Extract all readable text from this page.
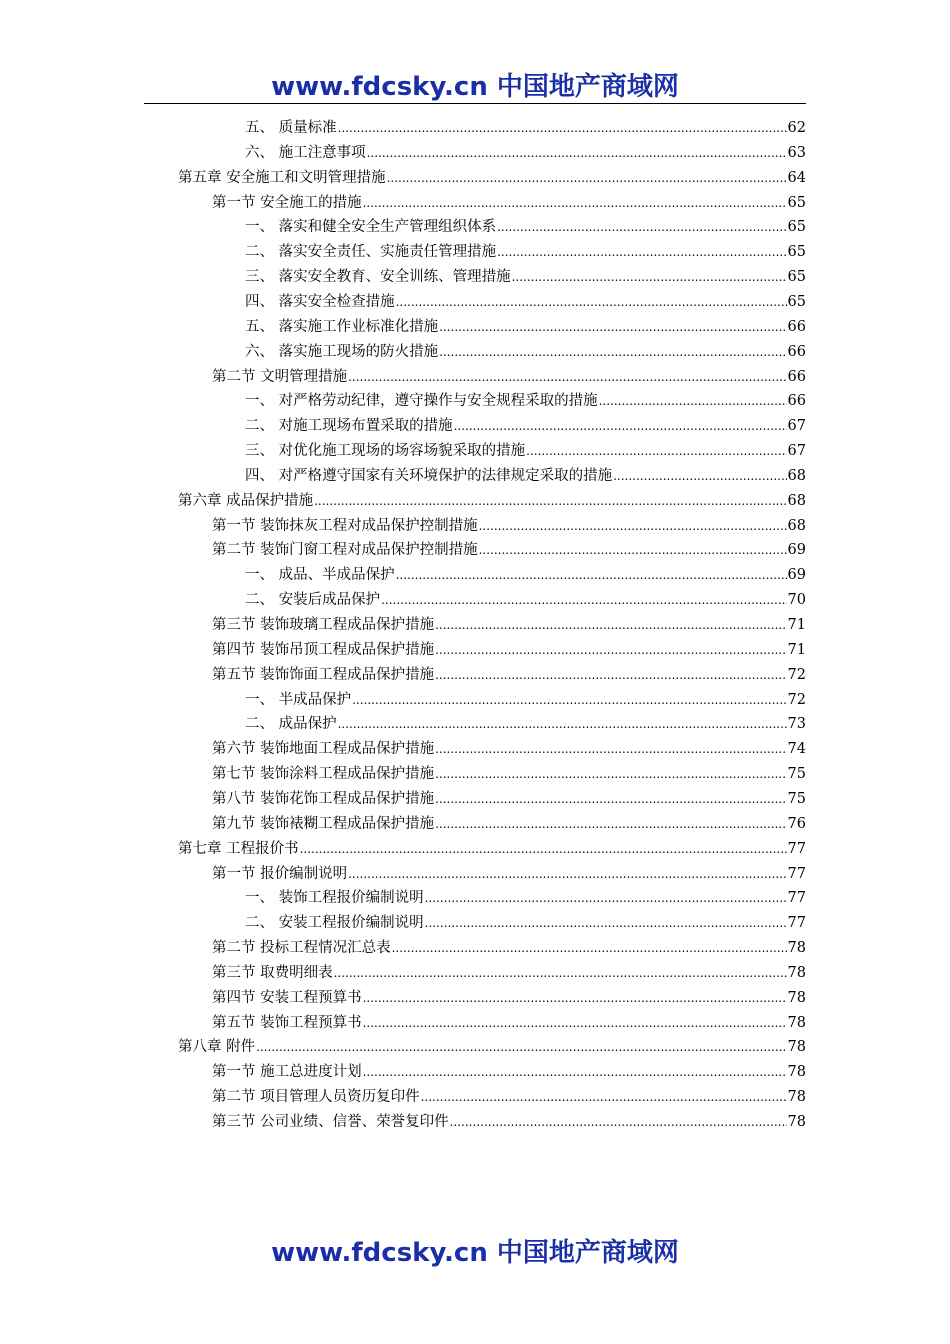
www.fdcsky.cn 中国地产商域网
五、 质量标准 .....	62
六、 施工注意事项 .....	63
第五章 安全施工和文明管理措施 .....	64
第一节 安全施工的措施 .....	65
一、 落实和健全安全生产管理组织体系 .....	65
二、 落实安全责任、实施责任管理措施 .....	65
三、 落实安全教育、安全训练、管理措施 .....	65
四、 落实安全检查措施 .....	65
五、 落实施工作业标准化措施 .....	66
六、 落实施工现场的防火措施 .....	66
第二节 文明管理措施 .....	66
一、 对严格劳动纪律，遵守操作与安全规程采取的措施 .....	66
二、 对施工现场布置采取的措施 .....	67
三、 对优化施工现场的场容场貌采取的措施 .....	67
四、 对严格遵守国家有关环境保护的法律规定采取的措施 .....	68
第六章 成品保护措施 .....	68
第一节 装饰抹灰工程对成品保护控制措施 .....	68
第二节 装饰门窗工程对成品保护控制措施 .....	69
一、 成品、半成品保护 .....	69
二、 安装后成品保护 .....	70
第三节 装饰玻璃工程成品保护措施 .....	71
第四节 装饰吊顶工程成品保护措施 .....	71
第五节 装饰饰面工程成品保护措施 .....	72
一、 半成品保护 .....	72
二、 成品保护 .....	73
第六节 装饰地面工程成品保护措施 .....	74
第七节 装饰涂料工程成品保护措施 .....	75
第八节 装饰花饰工程成品保护措施 .....	75
第九节 装饰裱糊工程成品保护措施 .....	76
第七章 工程报价书 .....	77
第一节 报价编制说明 .....	77
一、 装饰工程报价编制说明 .....	77
二、 安装工程报价编制说明 .....	77
第二节 投标工程情况汇总表 .....	78
第三节 取费明细表 .....	78
第四节 安装工程预算书 .....	78
第五节 装饰工程预算书 .....	78
第八章 附件 .....	78
第一节 施工总进度计划 .....	78
第二节 项目管理人员资历复印件 .....	78
第三节 公司业绩、信誉、荣誉复印件 .....	78
www.fdcsky.cn 中国地产商域网
